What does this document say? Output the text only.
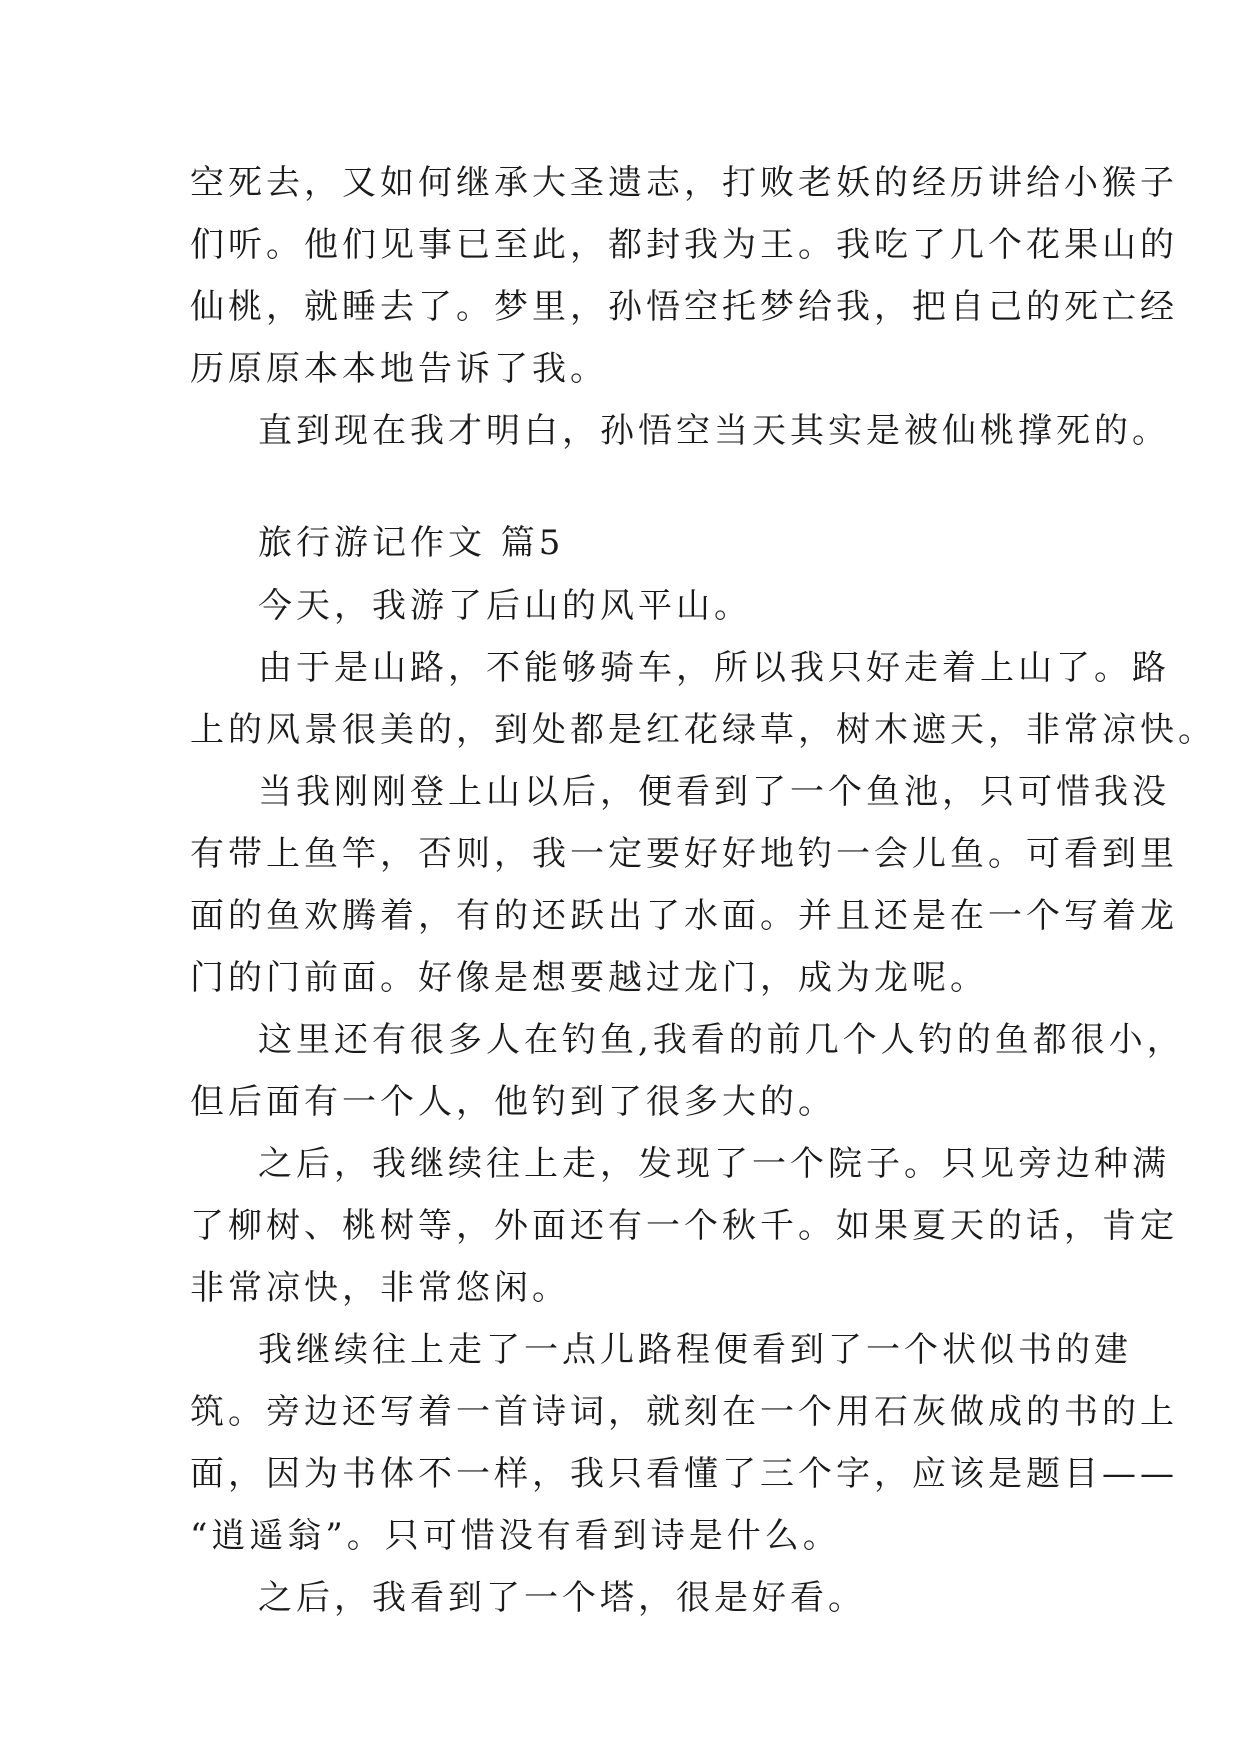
空死去，又如何继承大圣遗志，打败老妖的经历讲给小猴子
们听。他们见事已至此，都封我为王。我吃了几个花果山的
仙桃，就睡去了。梦里，孙悟空托梦给我，把自己的死亡经
历原原本本地告诉了我。
直到现在我才明白，孙悟空当天其实是被仙桃撑死的。
旅行游记作文 篇5
今天，我游了后山的风平山。
由于是山路，不能够骑车，所以我只好走着上山了。路
上的风景很美的，到处都是红花绿草，树木遮天，非常凉快。
当我刚刚登上山以后，便看到了一个鱼池，只可惜我没
有带上鱼竿，否则，我一定要好好地钓一会儿鱼。可看到里
面的鱼欢腾着，有的还跃出了水面。并且还是在一个写着龙
门的门前面。好像是想要越过龙门，成为龙呢。
这里还有很多人在钓鱼,我看的前几个人钓的鱼都很小，
但后面有一个人，他钓到了很多大的。
之后，我继续往上走，发现了一个院子。只见旁边种满
了柳树、桃树等，外面还有一个秋千。如果夏天的话，肯定
非常凉快，非常悠闲。
我继续往上走了一点儿路程便看到了一个状似书的建
筑。旁边还写着一首诗词，就刻在一个用石灰做成的书的上
面，因为书体不一样，我只看懂了三个字，应该是题目——
“逍遥翁”。只可惜没有看到诗是什么。
之后，我看到了一个塔，很是好看。
